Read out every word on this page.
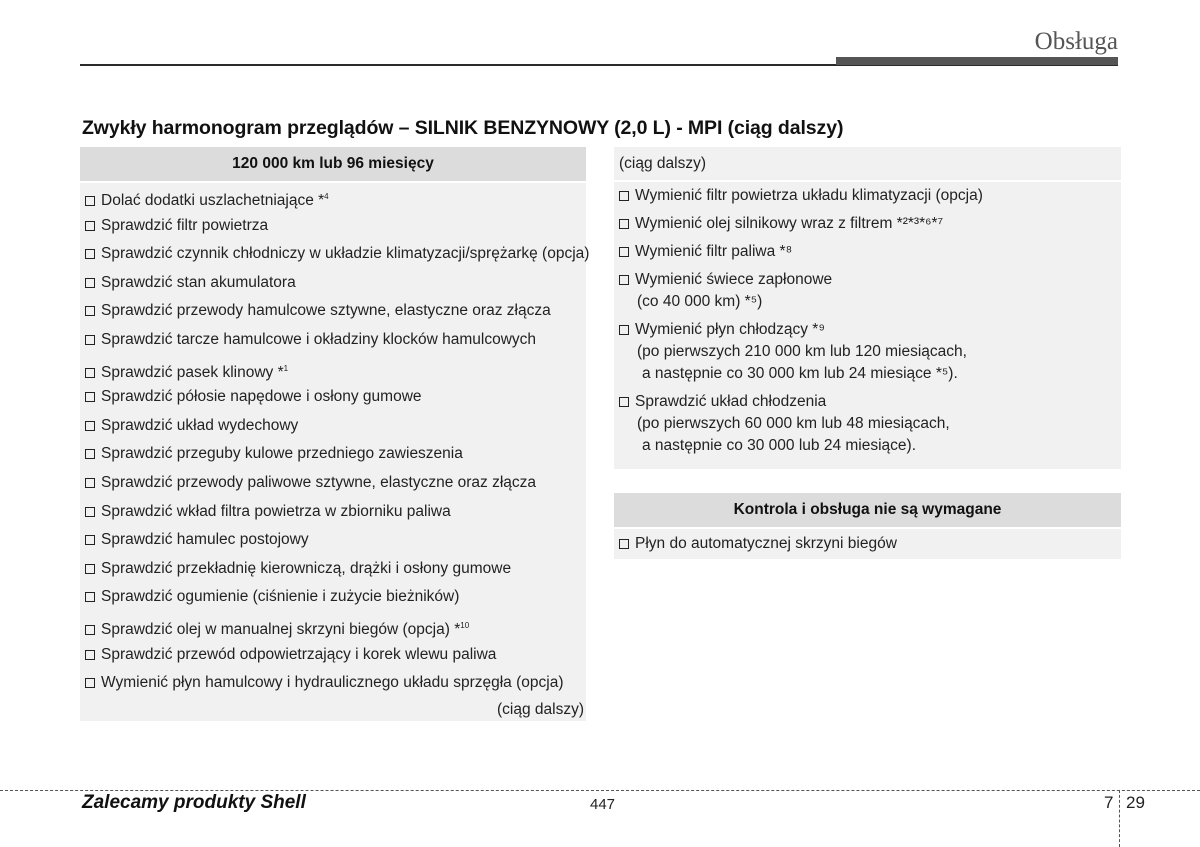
Obsługa
Zwykły harmonogram przeglądów – SILNIK BENZYNOWY (2,0 L) - MPI (ciąg dalszy)
120 000 km lub 96 miesięcy
Dolać dodatki uszlachetniające *$^4$
Sprawdzić filtr powietrza
Sprawdzić czynnik chłodniczy w układzie klimatyzacji/sprężarkę (opcja)
Sprawdzić stan akumulatora
Sprawdzić przewody hamulcowe sztywne, elastyczne oraz złącza
Sprawdzić tarcze hamulcowe i okładziny klocków hamulcowych
Sprawdzić pasek klinowy *$^1$
Sprawdzić półosie napędowe i osłony gumowe
Sprawdzić układ wydechowy
Sprawdzić przeguby kulowe przedniego zawieszenia
Sprawdzić przewody paliwowe sztywne, elastyczne oraz złącza
Sprawdzić wkład filtra powietrza w zbiorniku paliwa
Sprawdzić hamulec postojowy
Sprawdzić przekładnię kierowniczą, drążki i osłony gumowe
Sprawdzić ogumienie (ciśnienie i zużycie bieżników)
Sprawdzić olej w manualnej skrzyni biegów (opcja) *$^{10}$
Sprawdzić przewód odpowietrzający i korek wlewu paliwa
Wymienić płyn hamulcowy i hydraulicznego układu sprzęgła (opcja)
(ciąg dalszy)
(ciąg dalszy)
Wymienić filtr powietrza układu klimatyzacji (opcja)
Wymienić olej silnikowy wraz z filtrem *²*³*⁶*⁷
Wymienić filtr paliwa *⁸
Wymienić świece zapłonowe
(co 40 000 km) *⁵)
Wymienić płyn chłodzący *⁹
(po pierwszych 210 000 km lub 120 miesiącach,
a następnie co 30 000 km lub 24 miesiące *⁵).
Sprawdzić układ chłodzenia
(po pierwszych 60 000 km lub 48 miesiącach,
a następnie co 30 000 lub 24 miesiące).
Kontrola i obsługa nie są wymagane
Płyn do automatycznej skrzyni biegów
Zalecamy produkty Shell	447	7 29
